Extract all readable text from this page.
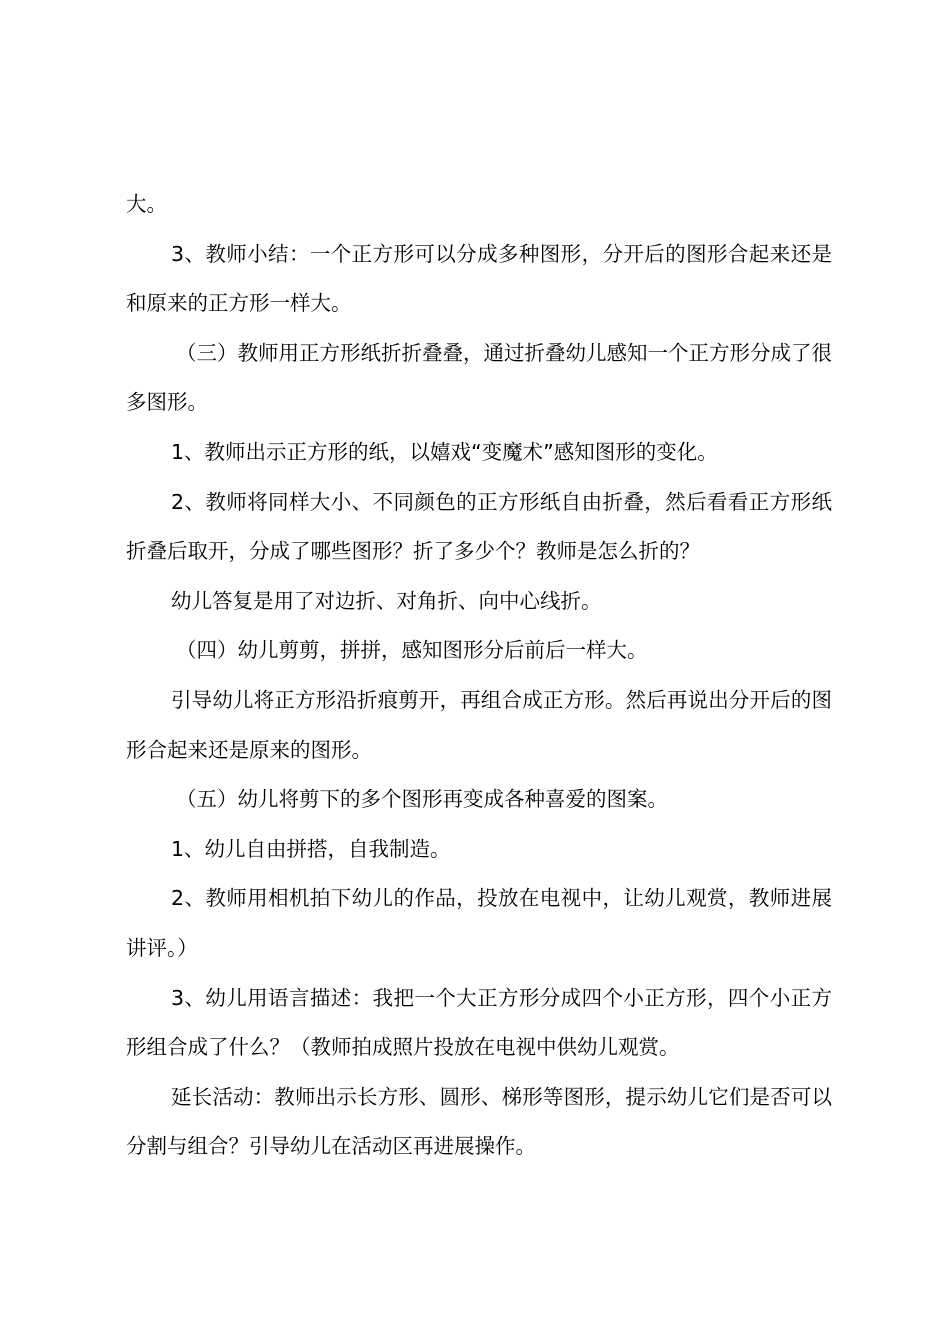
大。

3、教师小结：一个正方形可以分成多种图形，分开后的图形合起来还是和原来的正方形一样大。

（三）教师用正方形纸折折叠叠，通过折叠幼儿感知一个正方形分成了很多图形。

1、教师出示正方形的纸，以嬉戏“变魔术”感知图形的变化。

2、教师将同样大小、不同颜色的正方形纸自由折叠，然后看看正方形纸折叠后取开，分成了哪些图形？折了多少个？教师是怎么折的？

幼儿答复是用了对边折、对角折、向中心线折。

（四）幼儿剪剪，拼拼，感知图形分后前后一样大。

引导幼儿将正方形沿折痕剪开，再组合成正方形。然后再说出分开后的图形合起来还是原来的图形。

（五）幼儿将剪下的多个图形再变成各种喜爱的图案。

1、幼儿自由拼搭，自我制造。

2、教师用相机拍下幼儿的作品，投放在电视中，让幼儿观赏，教师进展讲评。）

3、幼儿用语言描述：我把一个大正方形分成四个小正方形，四个小正方形组合成了什么？（教师拍成照片投放在电视中供幼儿观赏。

延长活动：教师出示长方形、圆形、梯形等图形，提示幼儿它们是否可以分割与组合？引导幼儿在活动区再进展操作。
